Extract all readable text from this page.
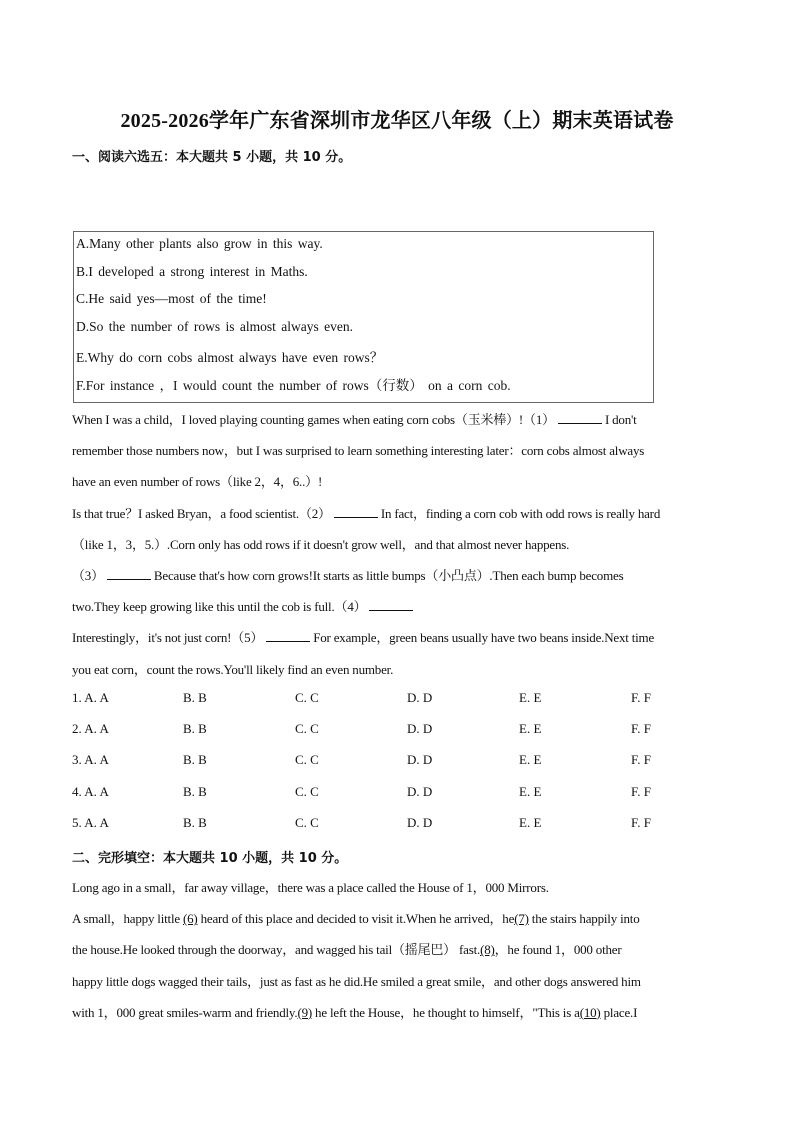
2025-2026学年广东省深圳市龙华区八年级（上）期末英语试卷
一、阅读六选五：本大题共 5 小题，共 10 分。
A.Many other plants also grow in this way.
B.I developed a strong interest in Maths.
C.He said yes—most of the time!
D.So the number of rows is almost always even.
E.Why do corn cobs almost always have even rows？
F.For instance ，I would count the number of rows（行数） on a corn cob.
When I was a child，I loved playing counting games when eating corn cobs（玉米棒）!（1）	I don't
remember those numbers now，but I was surprised to learn something interesting later：corn cobs almost always
have an even number of rows（like 2，4，6..）!
Is that true？I asked Bryan，a food scientist.（2）	In fact，finding a corn cob with odd rows is really hard
（like 1，3，5.）.Corn only has odd rows if it doesn't grow well，and that almost never happens.
（3）	Because that's how corn grows!It starts as little bumps（小凸点）.Then each bump becomes
two.They keep growing like this until the cob is full.（4）
Interestingly，it's not just corn!（5）	For example，green beans usually have two beans inside.Next time
you eat corn，count the rows.You'll likely find an even number.
1. A. A	B. B	C. C	D. D	E. E	F. F
2. A. A	B. B	C. C	D. D	E. E	F. F
3. A. A	B. B	C. C	D. D	E. E	F. F
4. A. A	B. B	C. C	D. D	E. E	F. F
5. A. A	B. B	C. C	D. D	E. E	F. F
二、完形填空：本大题共 10 小题，共 10 分。
Long ago in a small，far away village，there was a place called the House of 1，000 Mirrors.
A small，happy little (6) heard of this place and decided to visit it.When he arrived，he(7) the stairs happily into
the house.He looked through the doorway，and wagged his tail（摇尾巴） fast.(8)，he found 1，000 other
happy little dogs wagged their tails，just as fast as he did.He smiled a great smile，and other dogs answered him
with 1，000 great smiles-warm and friendly.(9) he left the House，he thought to himself，"This is a(10) place.I
